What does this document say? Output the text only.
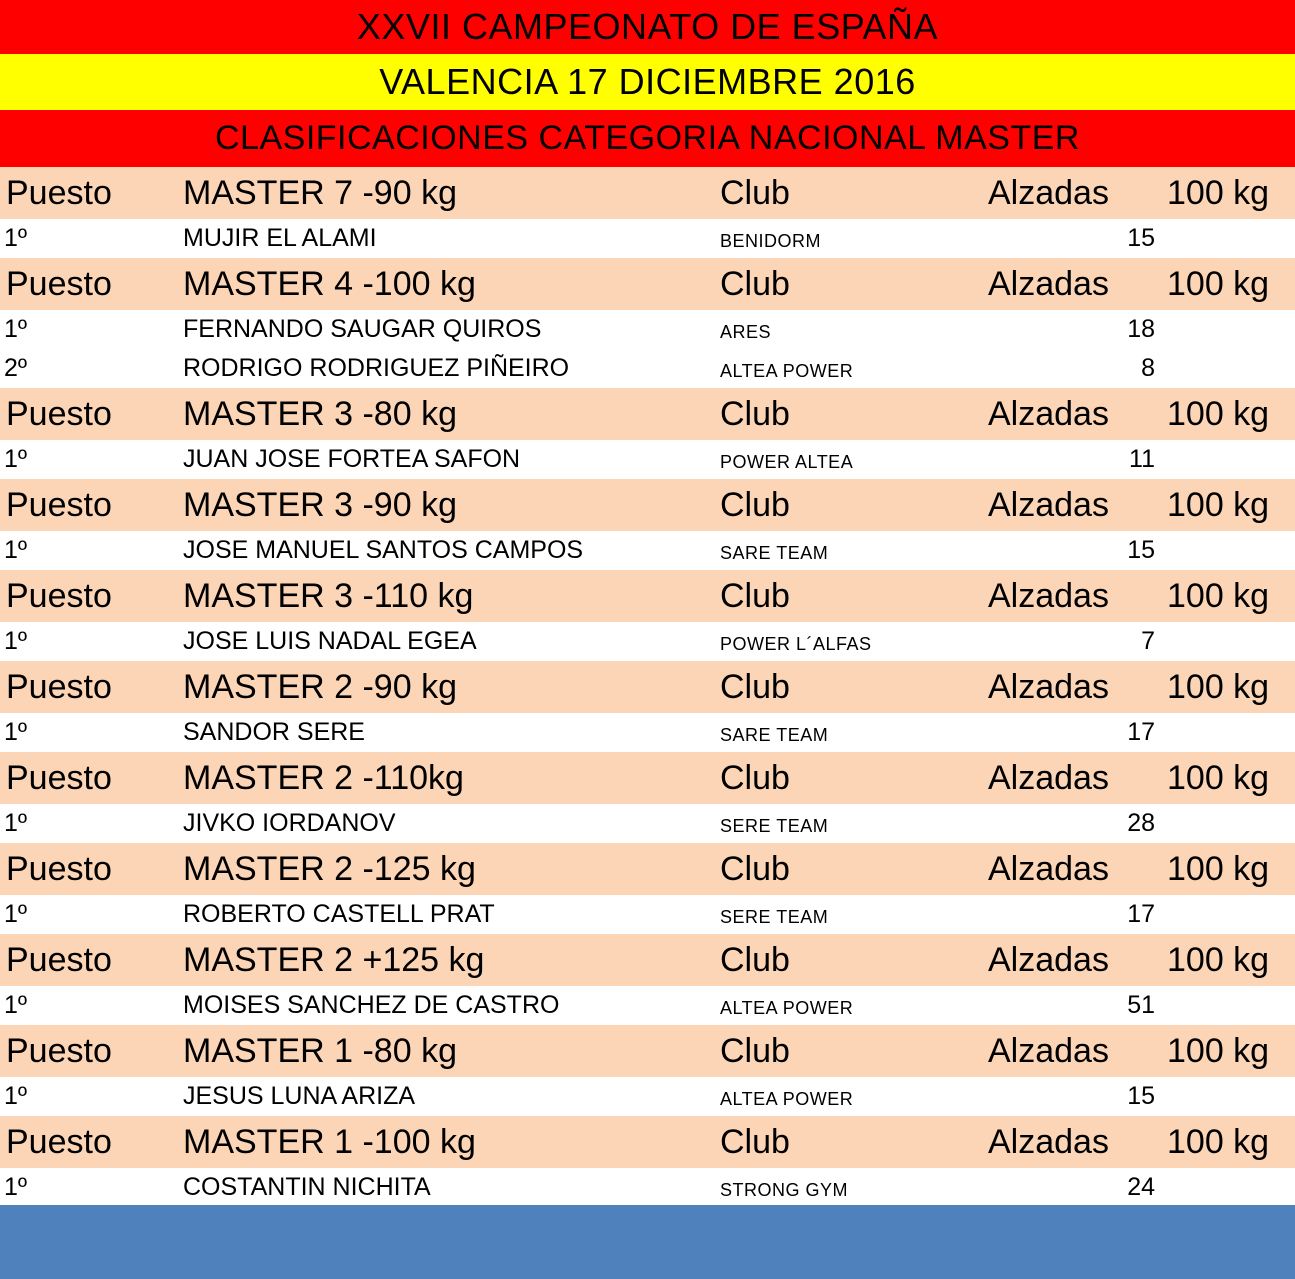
XXVII CAMPEONATO DE ESPAÑA
VALENCIA 17 DICIEMBRE 2016
CLASIFICACIONES CATEGORIA NACIONAL MASTER
Puesto MASTER 7 -90 kg	Club	Alzadas 100 kg
1º	MUJIR EL ALAMI	BENIDORM	15
Puesto MASTER 4 -100 kg	Club	Alzadas 100 kg
1º	FERNANDO SAUGAR QUIROS	ARES	18
2º	RODRIGO RODRIGUEZ PIÑEIRO	ALTEA POWER	8
Puesto MASTER 3 -80 kg	Club	Alzadas 100 kg
1º	JUAN JOSE FORTEA SAFON	POWER ALTEA	11
Puesto MASTER 3 -90 kg	Club	Alzadas 100 kg
1º	JOSE MANUEL SANTOS CAMPOS	SARE TEAM	15
Puesto MASTER 3 -110 kg	Club	Alzadas 100 kg
1º	JOSE LUIS NADAL EGEA	POWER L´ALFAS	7
Puesto MASTER 2 -90 kg	Club	Alzadas 100 kg
1º	SANDOR SERE	SARE TEAM	17
Puesto MASTER 2 -110kg	Club	Alzadas 100 kg
1º	JIVKO IORDANOV	SERE TEAM	28
Puesto MASTER 2 -125 kg	Club	Alzadas 100 kg
1º	ROBERTO CASTELL PRAT	SERE TEAM	17
Puesto MASTER 2 +125 kg	Club	Alzadas 100 kg
1º	MOISES SANCHEZ DE CASTRO	ALTEA POWER	51
Puesto MASTER 1 -80 kg	Club	Alzadas 100 kg
1º	JESUS LUNA ARIZA	ALTEA POWER	15
Puesto MASTER 1 -100 kg	Club	Alzadas 100 kg
1º	COSTANTIN NICHITA	STRONG GYM	24
